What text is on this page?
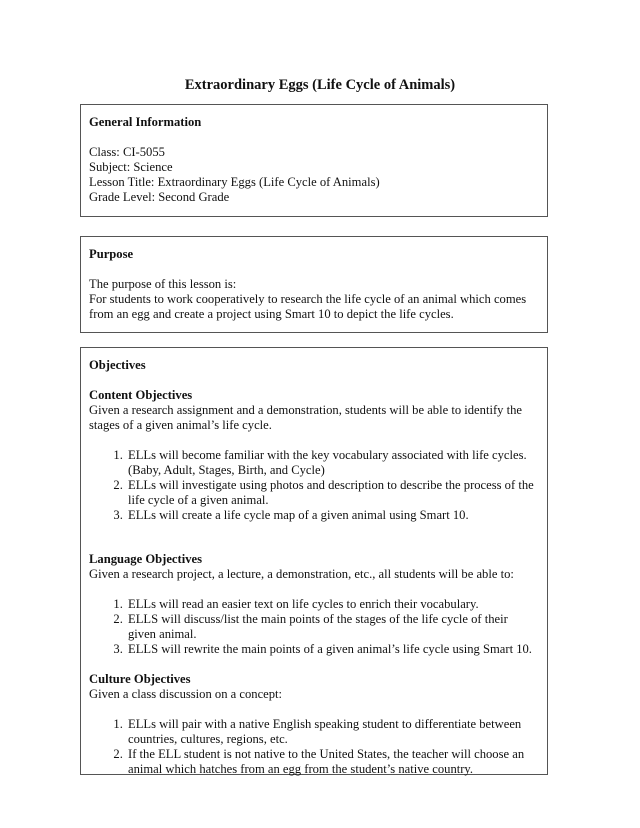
Extraordinary Eggs (Life Cycle of Animals)
General Information

Class: CI-5055

Subject: Science

Lesson Title: Extraordinary Eggs (Life Cycle of Animals)

Grade Level: Second Grade

Purpose

The purpose of this lesson is:

For students to work cooperatively to research the life cycle of an animal which comes from an egg and create a project using Smart 10 to depict the life cycles.

Objectives
Content Objectives

Given a research assignment and a demonstration, students will be able to identify the stages of a given animal’s life cycle.

1. ELLs will become familiar with the key vocabulary associated with life cycles. (Baby, Adult, Stages, Birth, and Cycle)
2. ELLs will investigate using photos and description to describe the process of the life cycle of a given animal.
3. ELLs will create a life cycle map of a given animal using Smart 10.
Language Objectives

Given a research project, a lecture, a demonstration, etc., all students will be able to:

1. ELLs will read an easier text on life cycles to enrich their vocabulary.
2. ELLS will discuss/list the main points of the stages of the life cycle of their given animal.
3. ELLS will rewrite the main points of a given animal’s life cycle using Smart 10.
Culture Objectives

Given a class discussion on a concept:

1. ELLs will pair with a native English speaking student to differentiate between countries, cultures, regions, etc.
2. If the ELL student is not native to the United States, the teacher will choose an animal which hatches from an egg from the student’s native country.
